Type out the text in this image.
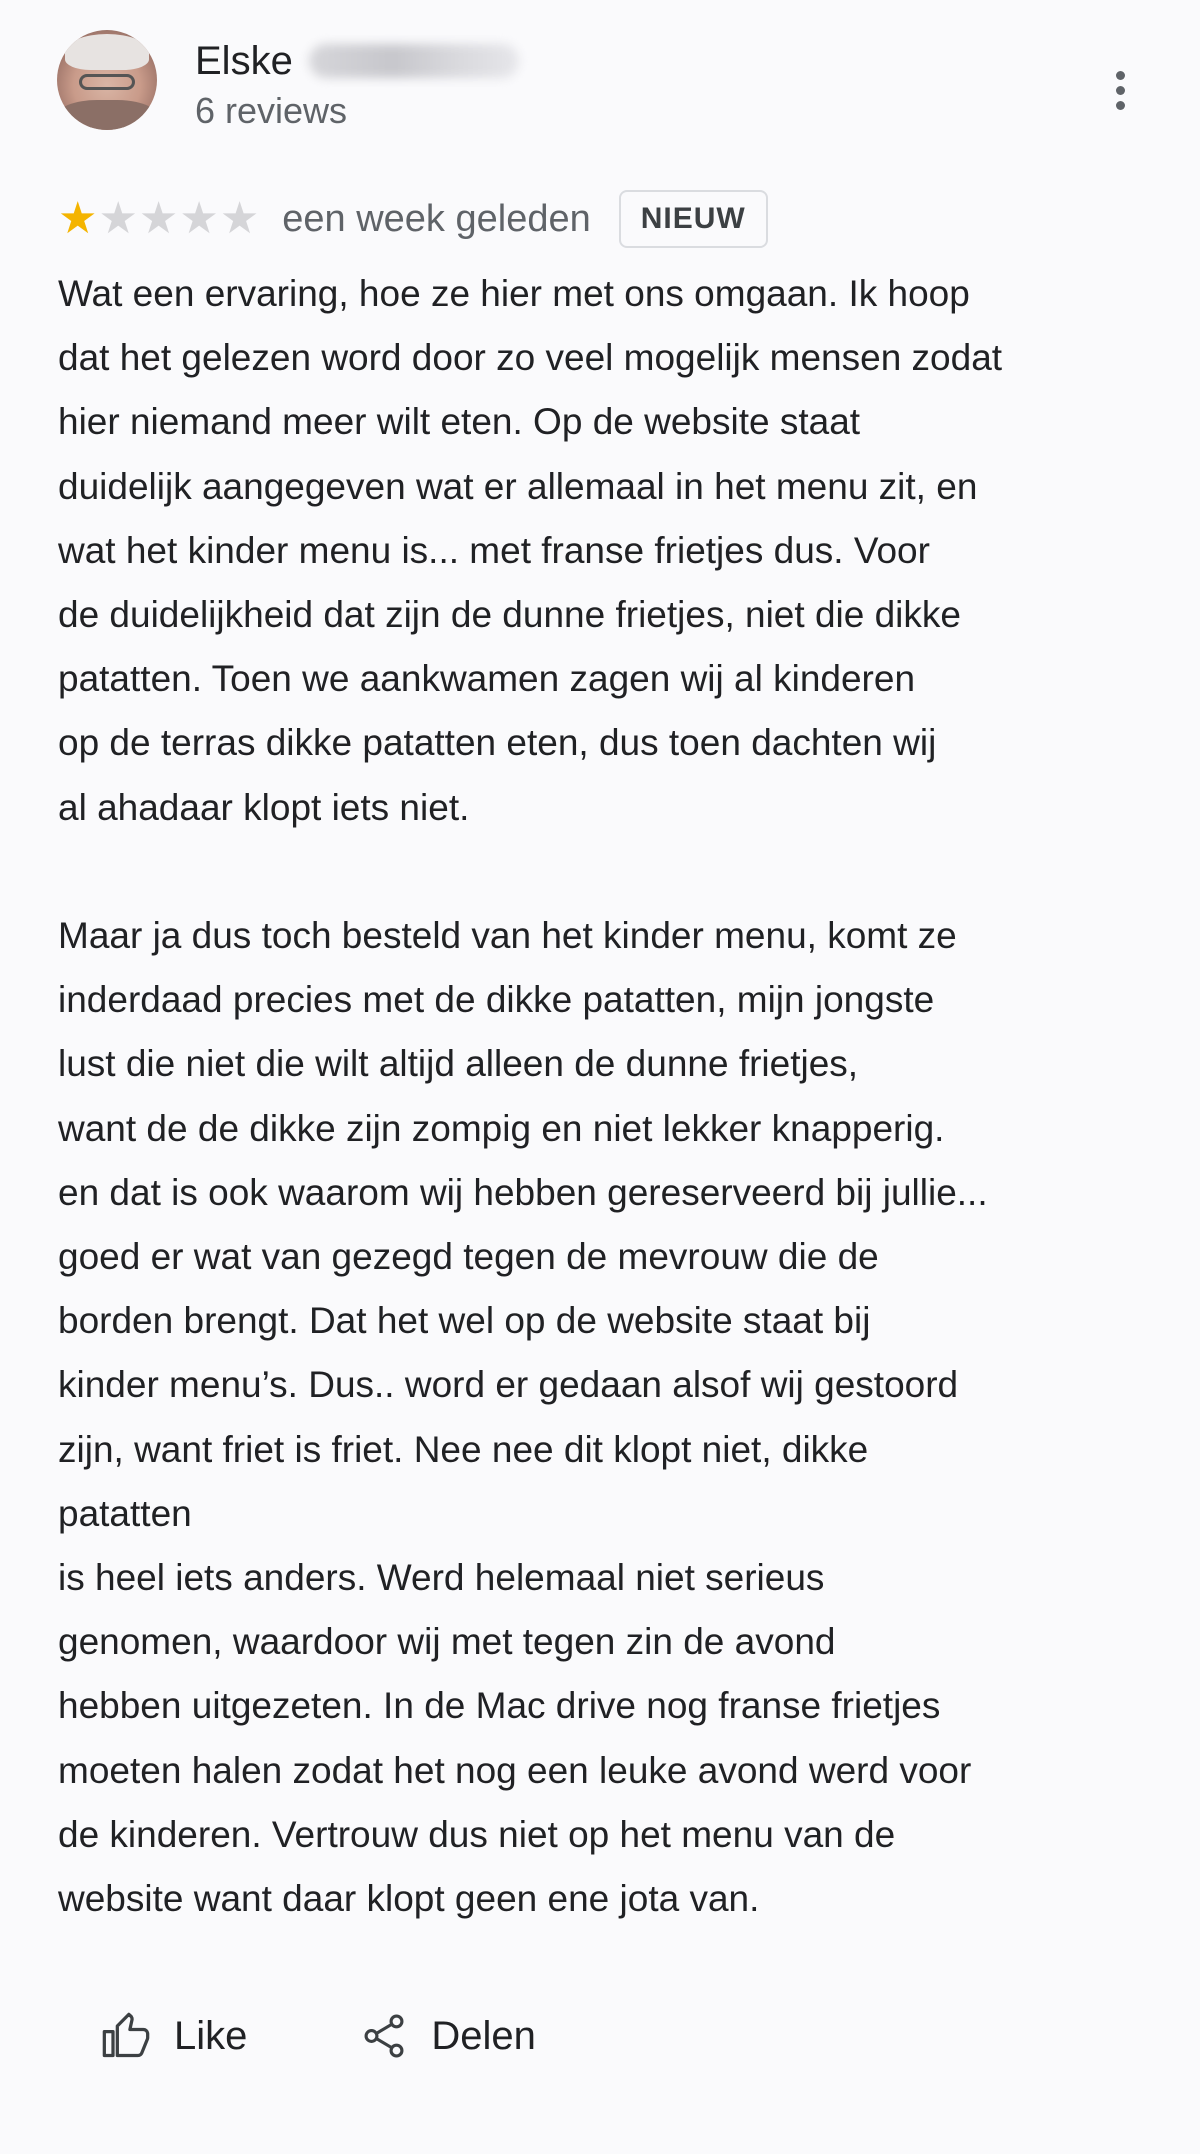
Elske
6 reviews
★ ★ ★ ★ ★ een week geleden	NIEUW
Wat een ervaring, hoe ze hier met ons omgaan. Ik hoop
dat het gelezen word door zo veel mogelijk mensen zodat
hier niemand meer wilt eten. Op de website staat
duidelijk aangegeven wat er allemaal in het menu zit, en
wat het kinder menu is... met franse frietjes dus. Voor
de duidelijkheid dat zijn de dunne frietjes, niet die dikke
patatten. Toen we aankwamen zagen wij al kinderen
op de terras dikke patatten eten, dus toen dachten wij
al ahadaar klopt iets niet.
Maar ja dus toch besteld van het kinder menu, komt ze
inderdaad precies met de dikke patatten, mijn jongste
lust die niet die wilt altijd alleen de dunne frietjes,
want de de dikke zijn zompig en niet lekker knapperig.
en dat is ook waarom wij hebben gereserveerd bij jullie...
goed er wat van gezegd tegen de mevrouw die de
borden brengt. Dat het wel op de website staat bij
kinder menu’s. Dus.. word er gedaan alsof wij gestoord
zijn, want friet is friet. Nee nee dit klopt niet, dikke
patatten
is heel iets anders. Werd helemaal niet serieus
genomen, waardoor wij met tegen zin de avond
hebben uitgezeten. In de Mac drive nog franse frietjes
moeten halen zodat het nog een leuke avond werd voor
de kinderen. Vertrouw dus niet op het menu van de
website want daar klopt geen ene jota van.
Like	Delen
